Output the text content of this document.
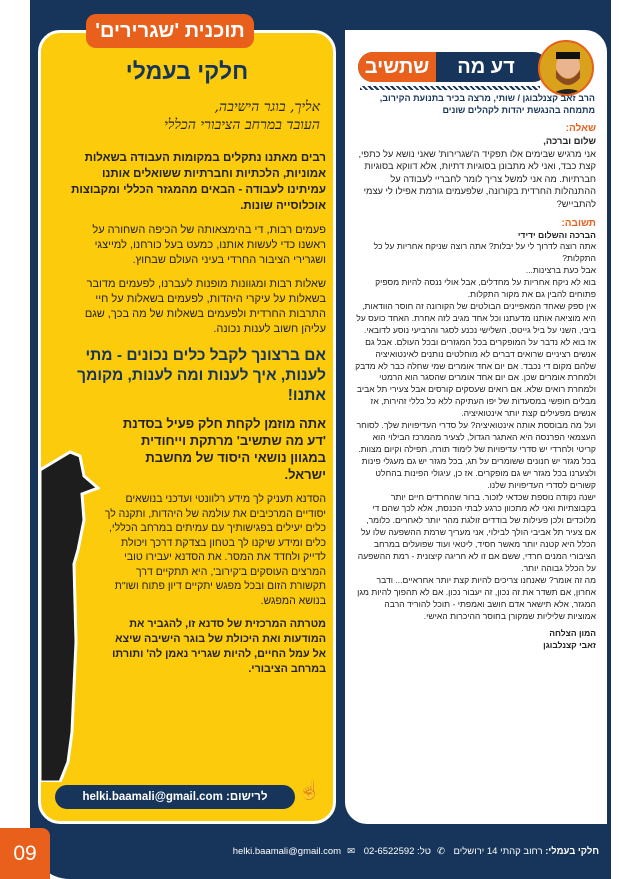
09	חלקי בעמלי: רחוב קהתי 14 ירושלים ✆טל: 02-6522592 ✉helki.baamali@gmail.com
תוכנית 'שגרירים'
חלקי בעמלי
אליך, בוגר הישיבה,
העובד במרחב הציבורי הכללי
רבים מאתנו נתקלים במקומות העבודה בשאלות אמוניות, הלכתיות וחברתיות ששואלים אותנו עמיתינו לעבודה - הבאים מהמגזר הכללי ומקבוצות אוכלוסייה שונות.
פעמים רבות, די בהימצאותה של הכיפה השחורה על ראשנו כדי לעשות אותנו, כמעט בעל כורחנו, למייצגי ושגרירי הציבור החרדי בעיני העולם שבחוץ.
שאלות רבות ומגוונות מופנות לעברנו, לפעמים מדובר בשאלות על עיקרי היהדות, לפעמים בשאלות על חיי התרבות החרדית ולפעמים בשאלות של מה בכך, שגם עליהן חשוב לענות נכונה.
אם ברצונך לקבל כלים נכונים - מתי לענות, איך לענות ומה לענות, מקומך אתנו!
אתה מוזמן לקחת חלק פעיל בסדנת 'דע מה שתשיב' מרתקת וייחודית במגוון נושאי היסוד של מחשבת ישראל.
הסדנא תעניק לך מידע רלוונטי ועדכני בנושאים יסודיים המרכיבים את עולמה של היהדות, ותקנה לך כלים יעילים בפגישותיך עם עמיתים במרחב הכללי, כלים ומידע שיקנו לך בטחון בצדקת דרכך ויכולת לדייק ולחדד את המסר. את הסדנא יעבירו טובי המרצים העוסקים ב'קירוב', היא תתקיים דרך תקשורת הזום ובכל מפגש יתקיים דיון פתוח ושו"ת בנושא המפגש.
מטרתה המרכזית של סדנא זו, להגביר את המודעות ואת היכולת של בוגר הישיבה שיצא אל עמל החיים, להיות שגריר נאמן לה' ותורתו במרחב הציבורי.
לרישום: helki.baamali@gmail.com	☝
שתשיב	דע מה
הרב זאב קצנלבוגן / שותי, מרצה בכיר בתנועת הקירוב, מתמחה בהנגשת יהדות לקהלים שונים
שאלה:
שלום וברכה,
אני מרגיש שבימים אלו תפקיד ה'שגרירות' שאני נושא על כתפי, קצת כבד, ואני לא מתבונן בסוגיות דתיות, אלא דווקא בסוגיות חברתיות. מה אני למשל צריך לומר לחבריי לעבודה על ההתנהלות החרדית בקורונה, שלפעמים גורמת אפילו לי עצמי להתבייש?
תשובה:
הברכה והשלום ידידי
אתה רוצה לדרוך לי על יבלות? אתה רוצה שניקח אחריות על כל התקלות?
אבל כעת ברצינות...
בוא לא ניקח אחריות על מחדלים, אבל אולי ננסה להיות מספיק פתוחים להבין גם את מקור התקלות.
אין ספק שאחד המאפיינים הבולטים של הקורונה זה חוסר הוודאות, היא מוציאה אותנו מדעתנו וכל אחד מגיב לזה אחרת. האחד כועס על ביבי, השני על ביל גייטס, השלישי נכנע לסגר והרביעי נוסע לדובאי.
אז בוא לא נדבר על המופקרים בכל המגזרים ובכל העולם. אבל גם אנשים רציניים שרואים דברים לא מוחלטים נותנים לאינטואיציה שלהם מקום די נכבד. אם יום אחד אומרים שמי שחלה כבר לא מדבק ולמחרת אומרים שכן. אם יום אחד אומרים שהסגר הוא הרמטי ולמחרת רואים שלא. אם רואים שעסקים קורסים אבל צעירי תל אביב מבלים חופשי במסעדות של יפו העתיקה ללא כל כללי זהירות, אז אנשים מפעילים קצת יותר אינטואיציה.
ועל מה מבוססת אותה אינטואיציה? על סדרי העדיפויות שלך. לסוחר העצמאי הפרנסה היא האתגר הגדול, לצעיר מהמרכז הבילוי הוא קריטי ולחרדי יש סדרי עדיפויות של לימוד תורה, תפילה וקיום מצוות. בכל מגזר יש חנונים ששומרים על תג, בכל מגזר יש גם מעגלי פינות ולצערנו בכל מגזר יש גם מופקרים. אז כן, עיגולי הפינות בהחלט קשורים לסדרי העדיפויות שלנו.
ישנה נקודה נוספת שכדאי לזכור. ברור שהחרדים חיים יותר בקבוצתיות ואני לא מתכוון כרגע לבתי הכנסת, אלא לכך שהם די מלוכדים ולכן פעילות של בודדים זולגת מהר יותר לאחרים. כלומר, אם צעיר תל אביבי הולך לבילוי, אני מעריך שרמת ההשפעה שלו על הכלל היא קטנה יותר מאשר חסיד, ליטאי ועוד שפועלים במרחב הציבורי המנים חרדי, ששם אם זו לא חריגה קיצונית - רמת ההשפעה על הכלל גבוהה יותר.
מה זה אומר? שאנחנו צריכים להיות קצת יותר אחראיים... ודבר אחרון, אם תשדר את זה נכון, זה יעבור נכון. אם לא תהפוך להיות מגן המגזר, אלא תישאר אדם חושב ואמפתי - תוכל להוריד הרבה אמוציות שליליות שמקורן בחוסר ההיכרות האישי.
המון הצלחה
זאבי קצנלבוגן
